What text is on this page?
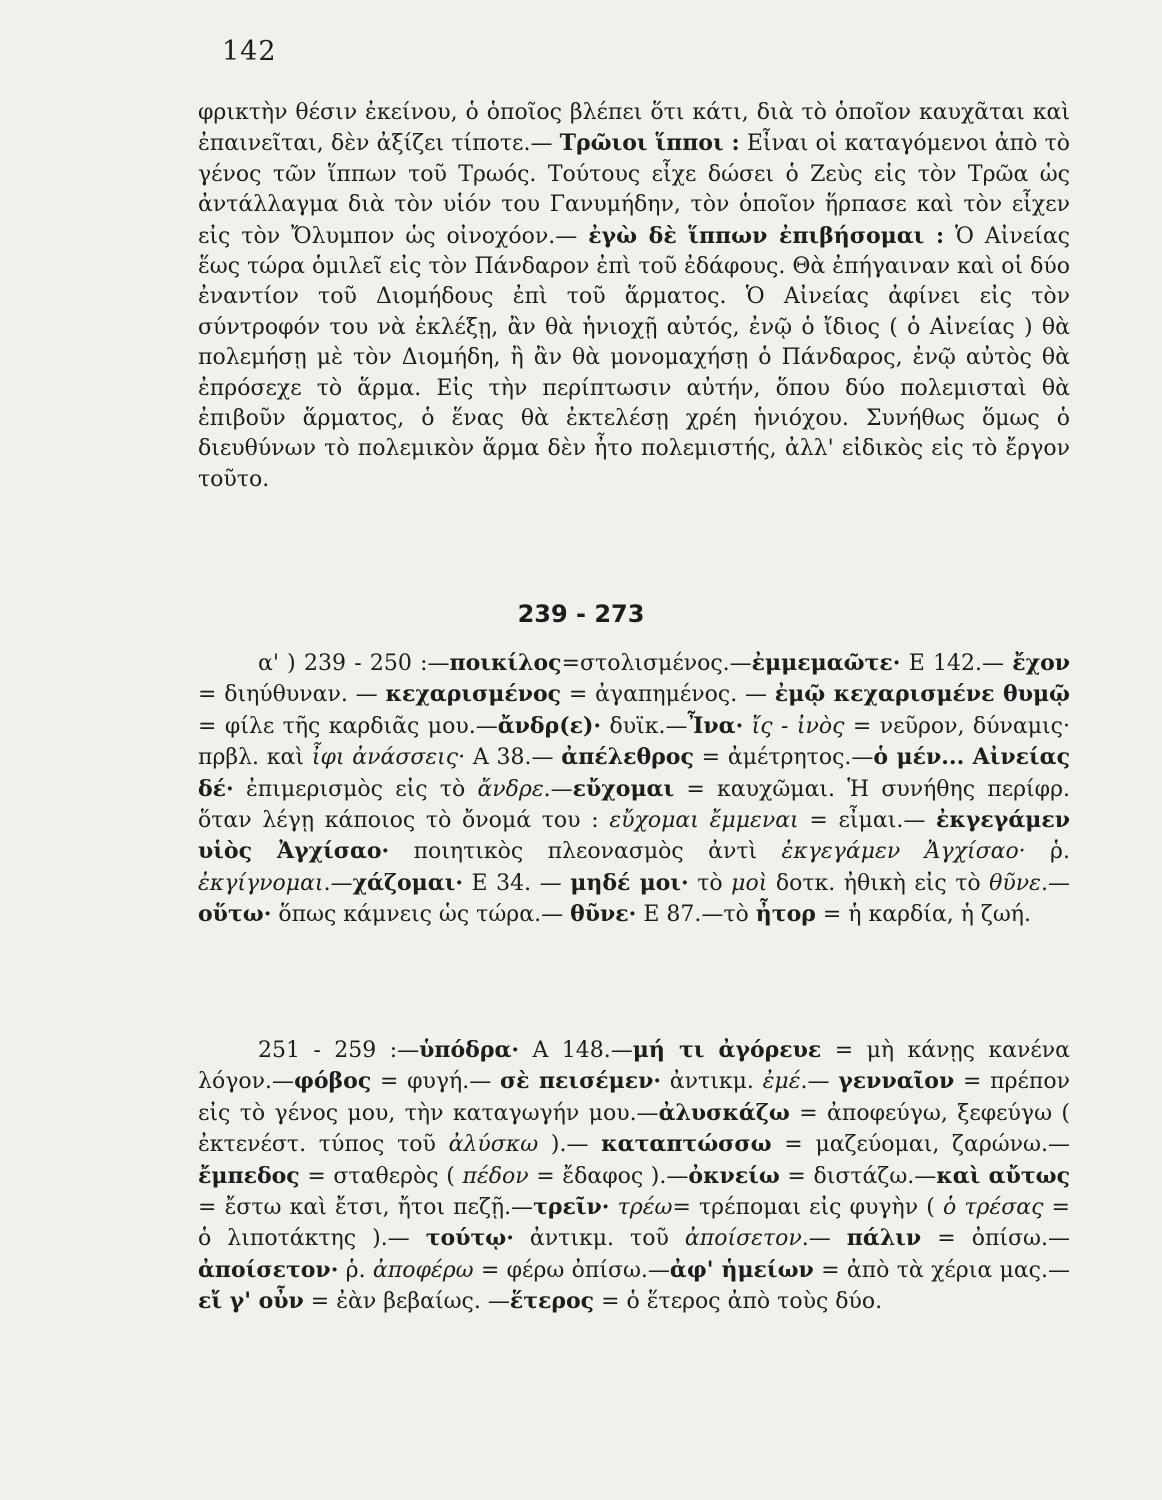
142
φρικτὴν θέσιν ἐκείνου, ὁ ὁποῖος βλέπει ὅτι κάτι, διὰ τὸ ὁποῖον καυχᾶται καὶ ἐπαινεῖται, δὲν ἀξίζει τίποτε.— Τρῶιοι ἵπποι : Εἶναι οἱ καταγόμενοι ἀπὸ τὸ γένος τῶν ἵππων τοῦ Τρωός. Τούτους εἶχε δώσει ὁ Ζεὺς εἰς τὸν Τρῶα ὡς ἀντάλλαγμα διὰ τὸν υἱόν του Γανυμήδην, τὸν ὁποῖον ἥρπασε καὶ τὸν εἶχεν εἰς τὸν Ὄλυμπον ὡς οἰνοχόον.— ἐγὼ δὲ ἵππων ἐπιβήσομαι : Ὁ Αἰνείας ἕως τώρα ὁμιλεῖ εἰς τὸν Πάνδαρον ἐπὶ τοῦ ἐδάφους. Θὰ ἐπήγαιναν καὶ οἱ δύο ἐναντίον τοῦ Διομήδους ἐπὶ τοῦ ἅρματος. Ὁ Αἰνείας ἀφίνει εἰς τὸν σύντροφόν του νὰ ἐκλέξῃ, ἂν θὰ ἡνιοχῇ αὐτός, ἐνῷ ὁ ἴδιος ( ὁ Αἰνείας ) θὰ πολεμήσῃ μὲ τὸν Διομήδη, ἢ ἂν θὰ μονομαχήσῃ ὁ Πάνδαρος, ἐνῷ αὐτὸς θὰ ἐπρόσεχε τὸ ἅρμα. Εἰς τὴν περίπτωσιν αὐτήν, ὅπου δύο πολεμισταὶ θὰ ἐπιβοῦν ἅρματος, ὁ ἕνας θὰ ἐκτελέσῃ χρέη ἡνιόχου. Συνήθως ὅμως ὁ διευθύνων τὸ πολεμικὸν ἅρμα δὲν ἦτο πολεμιστής, ἀλλ' εἰδικὸς εἰς τὸ ἔργον τοῦτο.
239 - 273
α' ) 239 - 250 :—ποικίλος=στολισμένος.—ἐμμεμαῶτε· Ε 142.— ἔχον = διηύθυναν. — κεχαρισμένος = ἀγαπημένος. — ἐμῷ κεχαρισμένε θυμῷ = φίλε τῆς καρδιᾶς μου.—ἄνδρ(ε)· δυϊκ.—Ἶνα· ἴς - ἰνὸς = νεῦρον, δύναμις· πρβλ. καὶ ἶφι ἀνάσσεις· Α 38.— ἀπέλεθρος = ἀμέτρητος.—ὁ μέν... Αἰνείας δέ· ἐπιμερισμὸς εἰς τὸ ἄνδρε.—εὔχομαι = καυχῶμαι. Ἡ συνήθης περίφρ. ὅταν λέγῃ κάποιος τὸ ὄνομά του : εὔχομαι ἔμμεναι = εἶμαι.— ἐκγεγάμεν υἱὸς Ἀγχίσαο· ποιητικὸς πλεονασμὸς ἀντὶ ἐκγεγάμεν Ἀγχίσαο· ῥ. ἐκγίγνομαι.—χάζομαι· Ε 34. — μηδέ μοι· τὸ μοὶ δοτκ. ἠθικὴ εἰς τὸ θῦνε.—οὕτω· ὅπως κάμνεις ὡς τώρα.— θῦνε· Ε 87.—τὸ ἦτορ = ἡ καρδία, ἡ ζωή.
251 - 259 :—ὑπόδρα· Α 148.—μή τι ἀγόρευε = μὴ κάνῃς κανένα λόγον.—φόβος = φυγή.— σὲ πεισέμεν· ἀντικμ. ἐμέ.— γενναῖον = πρέπον εἰς τὸ γένος μου, τὴν καταγωγήν μου.—ἀλυσκάζω = ἀποφεύγω, ξεφεύγω ( ἐκτενέστ. τύπος τοῦ ἀλύσκω ).— καταπτώσσω = μαζεύομαι, ζαρώνω.—ἔμπεδος = σταθερὸς ( πέδον = ἔδαφος ).—ὀκνείω = διστάζω.—καὶ αὔτως = ἔστω καὶ ἔτσι, ἤτοι πεζῇ.—τρεῖν· τρέω= τρέπομαι εἰς φυγὴν ( ὁ τρέσας = ὁ λιποτάκτης ).— τούτῳ· ἀντικμ. τοῦ ἀποίσετον.— πάλιν = ὀπίσω.— ἀποίσετον· ῥ. ἀποφέρω = φέρω ὀπίσω.—ἀφ' ἡμείων = ἀπὸ τὰ χέρια μας.— εἴ γ' οὖν = ἐὰν βεβαίως. —ἕτερος = ὁ ἕτερος ἀπὸ τοὺς δύο.
